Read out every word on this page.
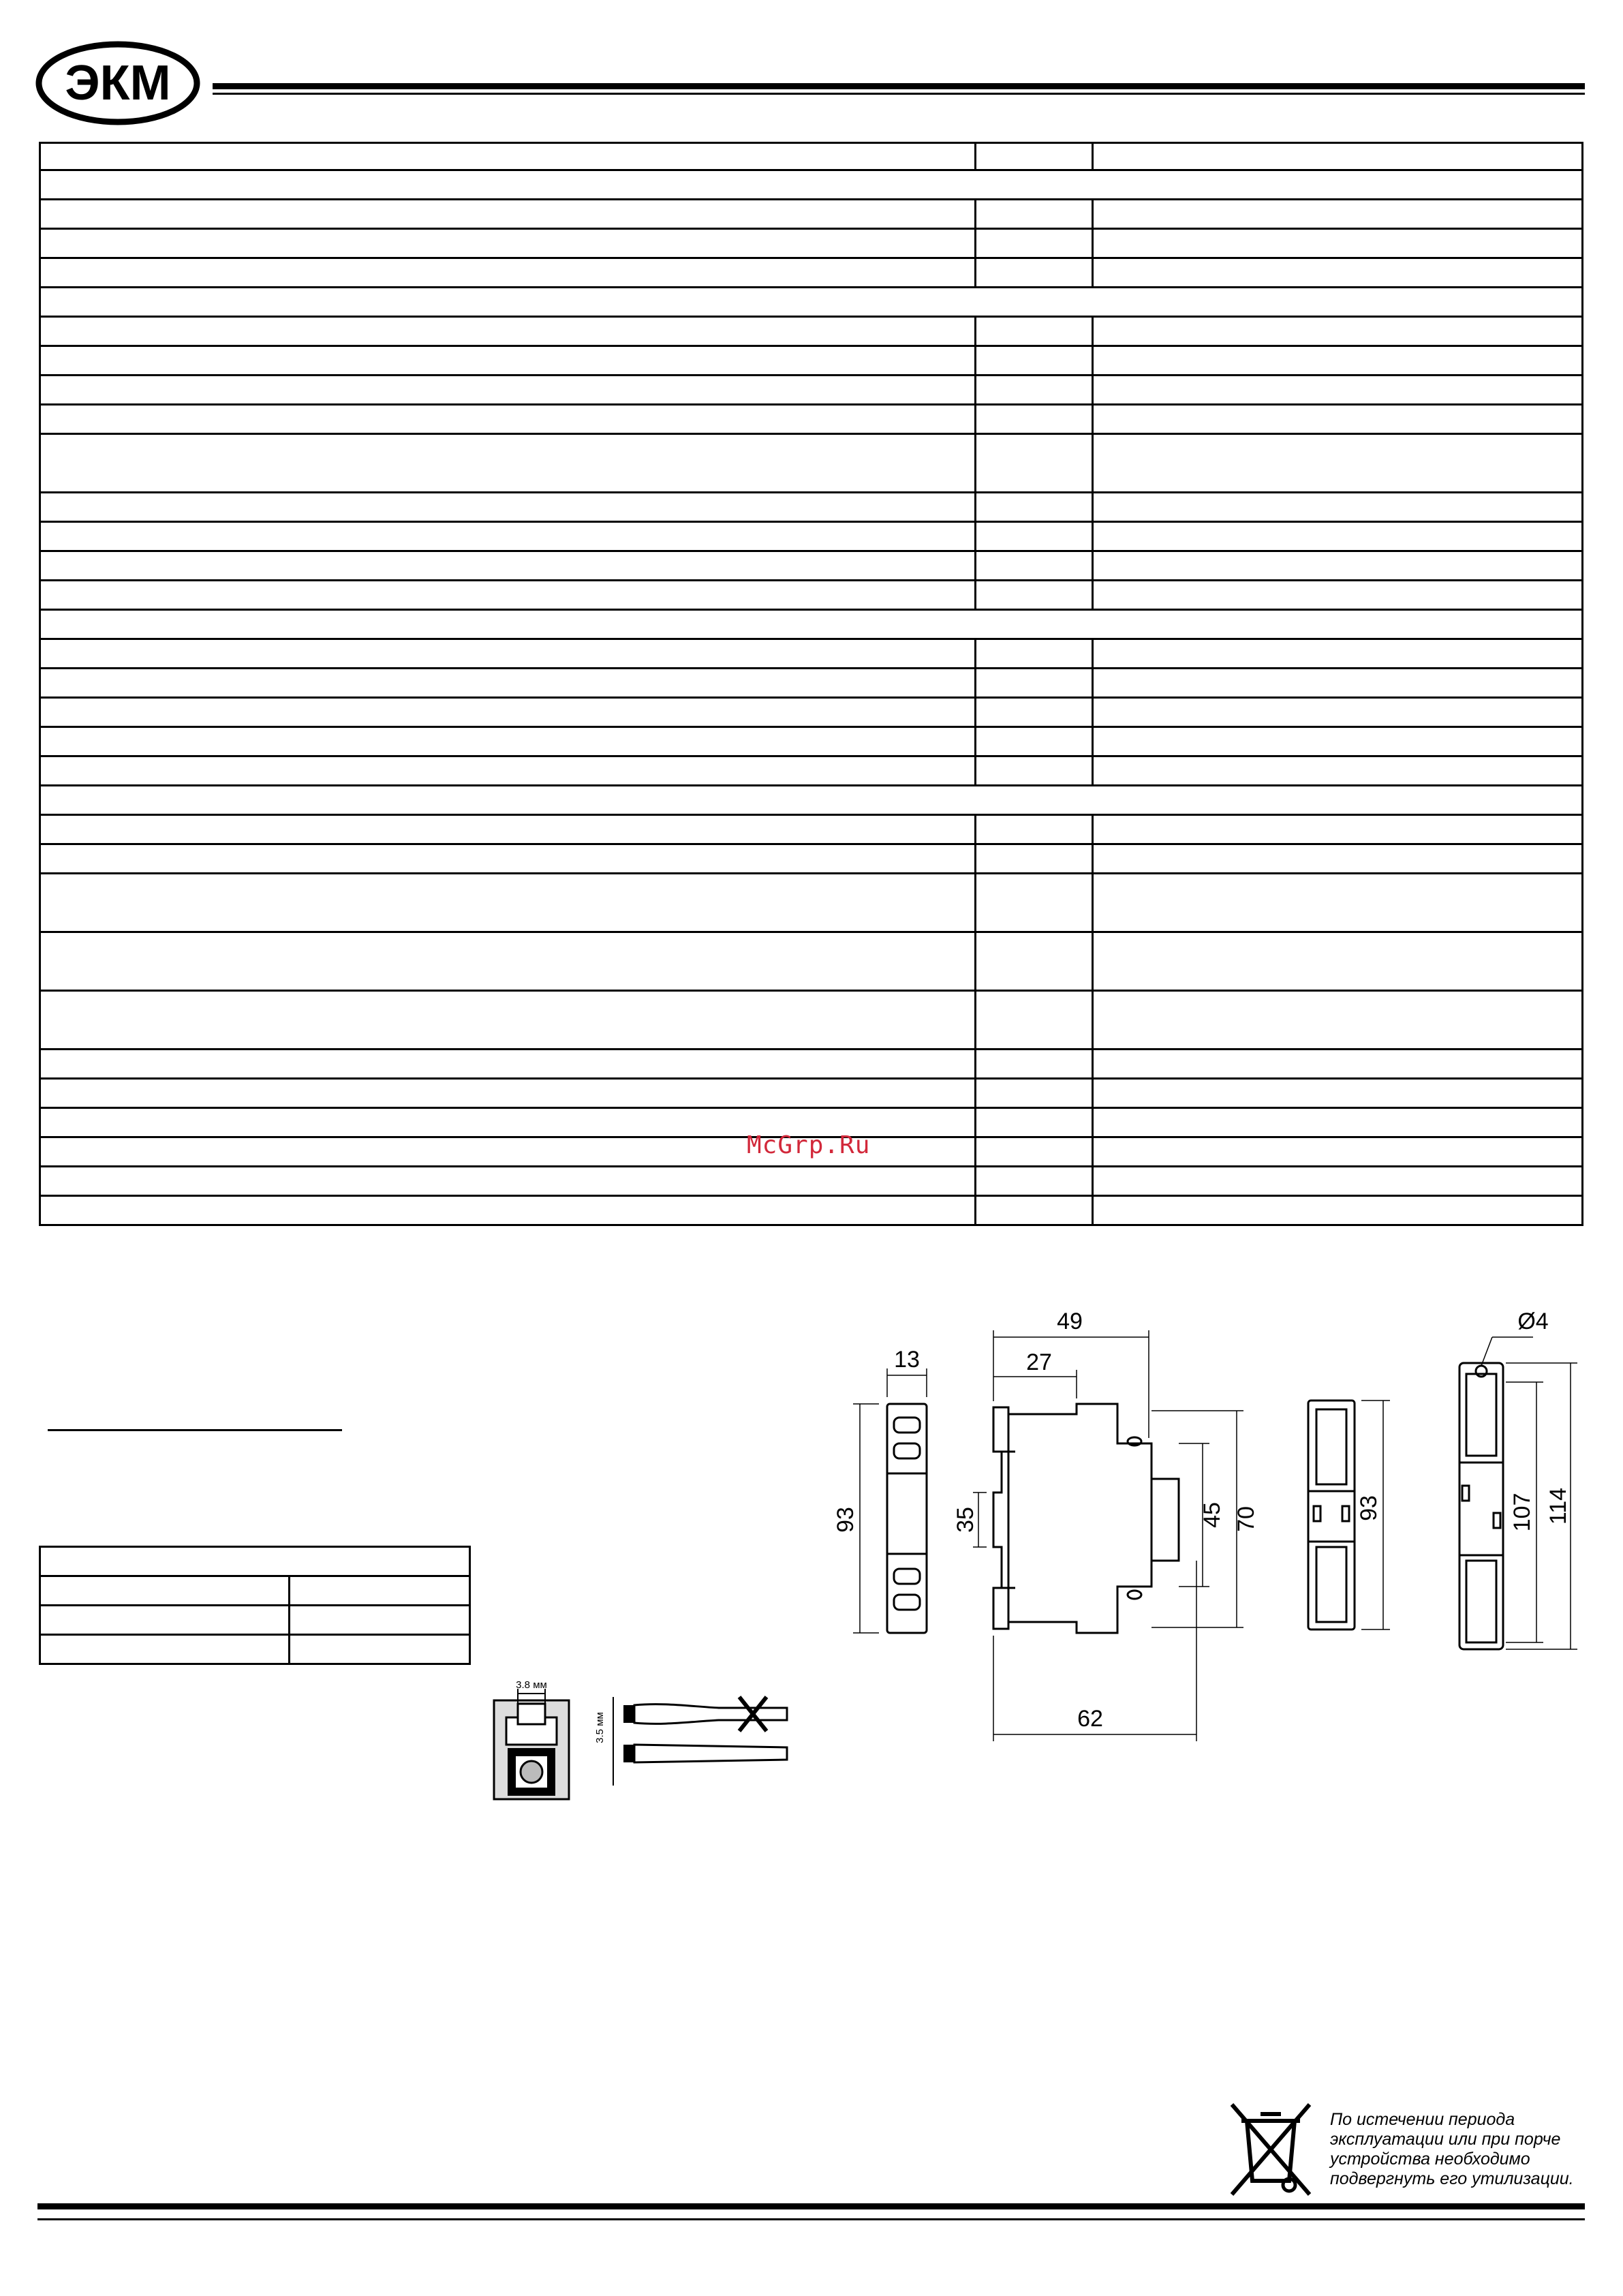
ЭКМ

McGrp.Ru

3.8 мм
3.5 мм
13
93
49
27
35	45 70
62
93
Ø4
107 114
По истечении периода
эксплуатации или при порче
устройства необходимо
подвергнуть его утилизации.
